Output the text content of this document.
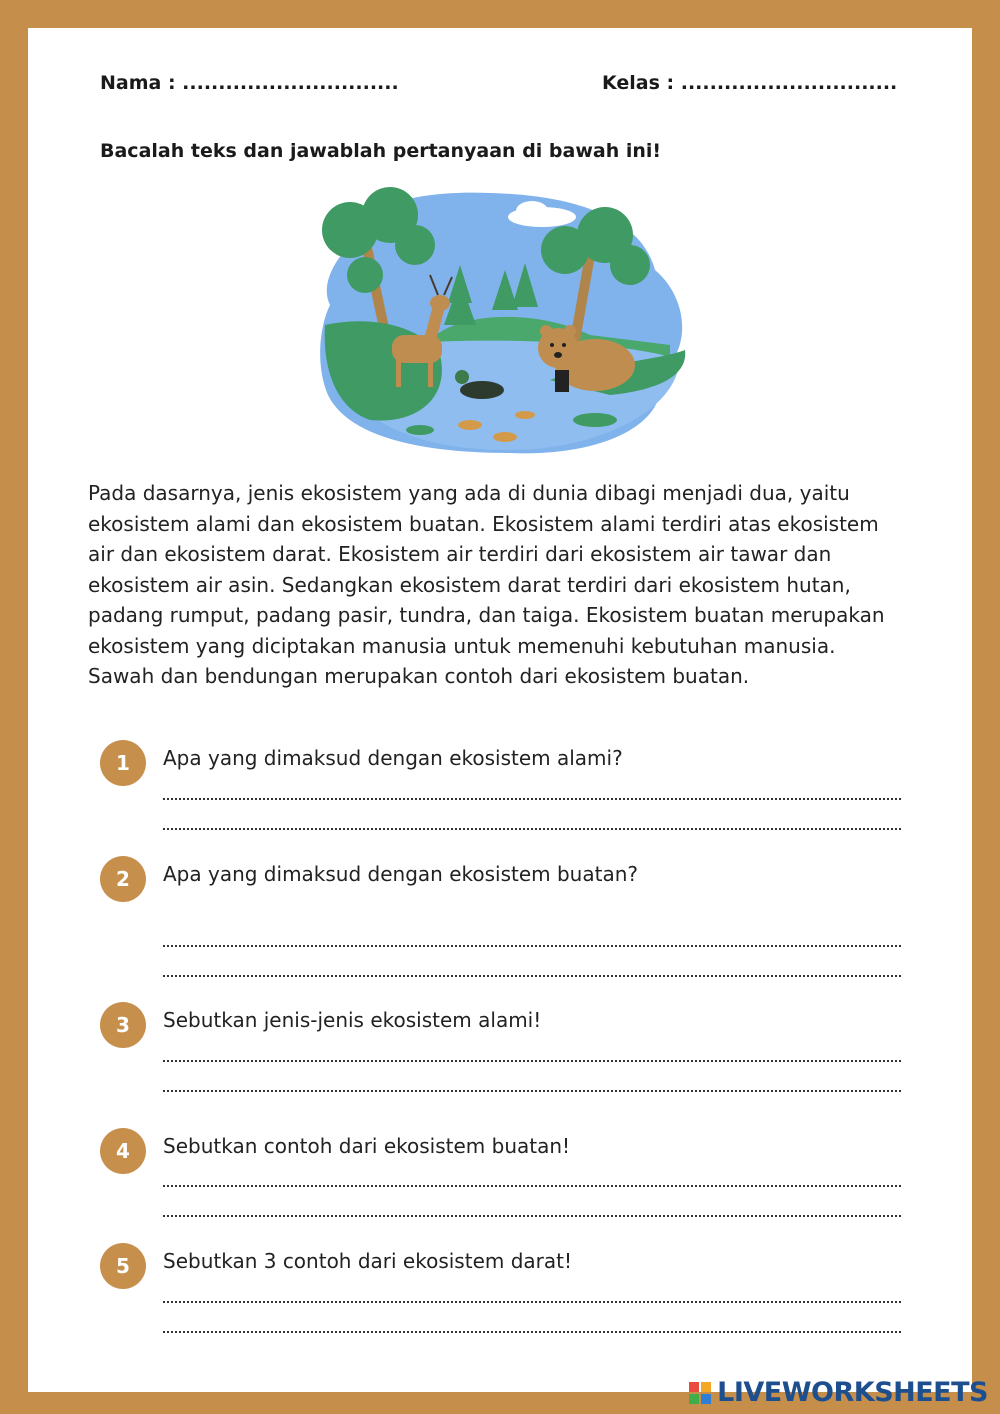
Nama : ..............................	Kelas : ..............................
Bacalah teks dan jawablah pertanyaan di bawah ini!
Pada dasarnya, jenis ekosistem yang ada di dunia dibagi menjadi dua, yaitu ekosistem alami dan ekosistem buatan. Ekosistem alami terdiri atas ekosistem air dan ekosistem darat. Ekosistem air terdiri dari ekosistem air tawar dan ekosistem air asin. Sedangkan ekosistem darat terdiri dari ekosistem hutan, padang rumput, padang pasir, tundra, dan taiga. Ekosistem buatan merupakan ekosistem yang diciptakan manusia untuk memenuhi kebutuhan manusia. Sawah dan bendungan merupakan contoh dari ekosistem buatan.
1	Apa yang dimaksud dengan ekosistem alami?
2	Apa yang dimaksud dengan ekosistem buatan?
3	Sebutkan jenis-jenis ekosistem alami!
4	Sebutkan contoh dari ekosistem buatan!
5	Sebutkan 3 contoh dari ekosistem darat!
LIVEWORKSHEETS
